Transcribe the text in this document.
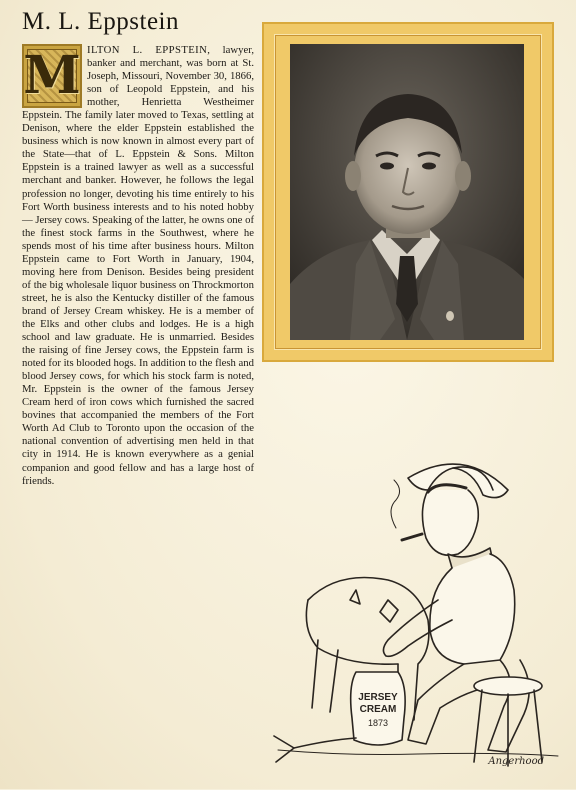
M. L. Eppstein
M ILTON L. EPPSTEIN, lawyer, banker and merchant, was born at St. Joseph, Missouri, November 30, 1866, son of Leopold Eppstein, and his mother, Henrietta Westheimer Eppstein. The family later moved to Texas, settling at Denison, where the elder Eppstein established the business which is now known in almost every part of the State—that of L. Eppstein & Sons. Milton Eppstein is a trained lawyer as well as a successful merchant and banker. However, he follows the legal profession no longer, devoting his time entirely to his Fort Worth business interests and to his noted hobby — Jersey cows. Speaking of the latter, he owns one of the finest stock farms in the Southwest, where he spends most of his time after business hours. Milton Eppstein came to Fort Worth in January, 1904, moving here from Denison. Besides being president of the big wholesale liquor business on Throckmorton street, he is also the Kentucky distiller of the famous brand of Jersey Cream whiskey. He is a member of the Elks and other clubs and lodges. He is a high school and law graduate. He is unmarried. Besides the raising of fine Jersey cows, the Eppstein farm is noted for its blooded hogs. In addition to the flesh and blood Jersey cows, for which his stock farm is noted, Mr. Eppstein is the owner of the famous Jersey Cream herd of iron cows which furnished the sacred bovines that accompanied the members of the Fort Worth Ad Club to Toronto upon the occasion of the national convention of advertising men held in that city in 1914. He is known everywhere as a genial companion and good fellow and has a large host of friends.

JERSEY
CREAM
1873
Angerhood
